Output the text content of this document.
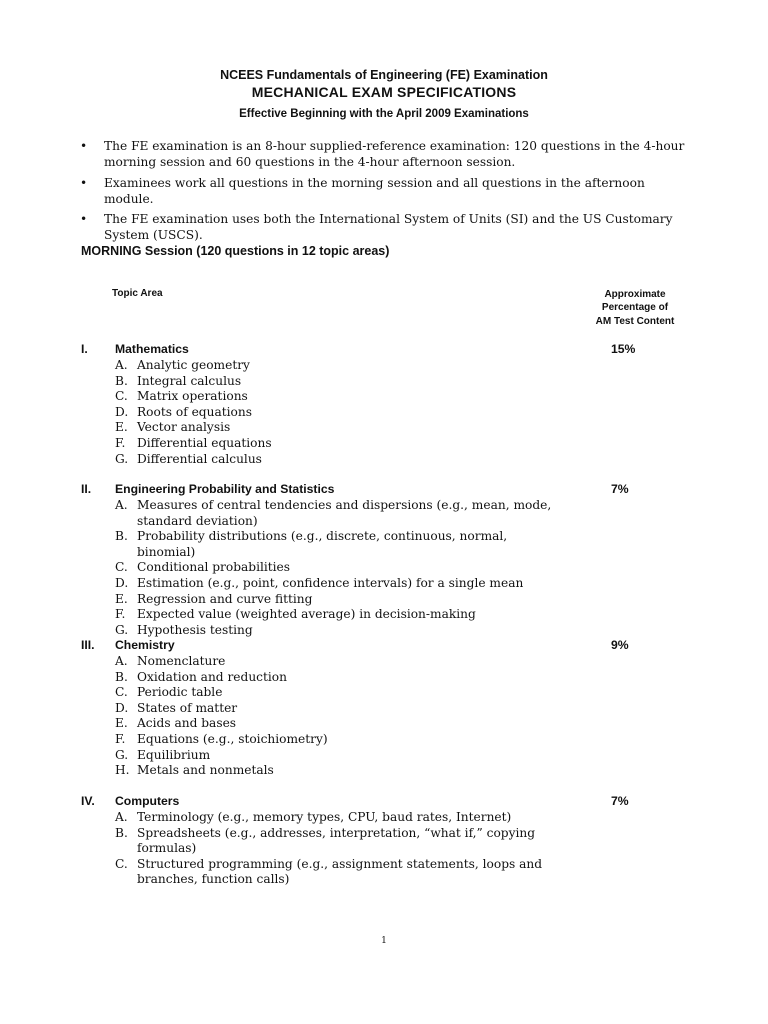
NCEES Fundamentals of Engineering (FE) Examination
MECHANICAL EXAM SPECIFICATIONS
Effective Beginning with the April 2009 Examinations
• The FE examination is an 8-hour supplied-reference examination: 120 questions in the 4-hour morning session and 60 questions in the 4-hour afternoon session.
• Examinees work all questions in the morning session and all questions in the afternoon module.
• The FE examination uses both the International System of Units (SI) and the US Customary System (USCS).
MORNING Session (120 questions in 12 topic areas)
Topic Area	Approximate
Percentage of
AM Test Content
I. Mathematics	15%
A. Analytic geometry
B. Integral calculus
C. Matrix operations
D. Roots of equations
E. Vector analysis
F. Differential equations
G. Differential calculus
II. Engineering Probability and Statistics	7%
A. Measures of central tendencies and dispersions (e.g., mean, mode, standard deviation)
B. Probability distributions (e.g., discrete, continuous, normal, binomial)
C. Conditional probabilities
D. Estimation (e.g., point, confidence intervals) for a single mean
E. Regression and curve fitting
F. Expected value (weighted average) in decision-making
G. Hypothesis testing
III. Chemistry	9%
A. Nomenclature
B. Oxidation and reduction
C. Periodic table
D. States of matter
E. Acids and bases
F. Equations (e.g., stoichiometry)
G. Equilibrium
H. Metals and nonmetals
IV. Computers	7%
A. Terminology (e.g., memory types, CPU, baud rates, Internet)
B. Spreadsheets (e.g., addresses, interpretation, “what if,” copying formulas)
C. Structured programming (e.g., assignment statements, loops and branches, function calls)
1
